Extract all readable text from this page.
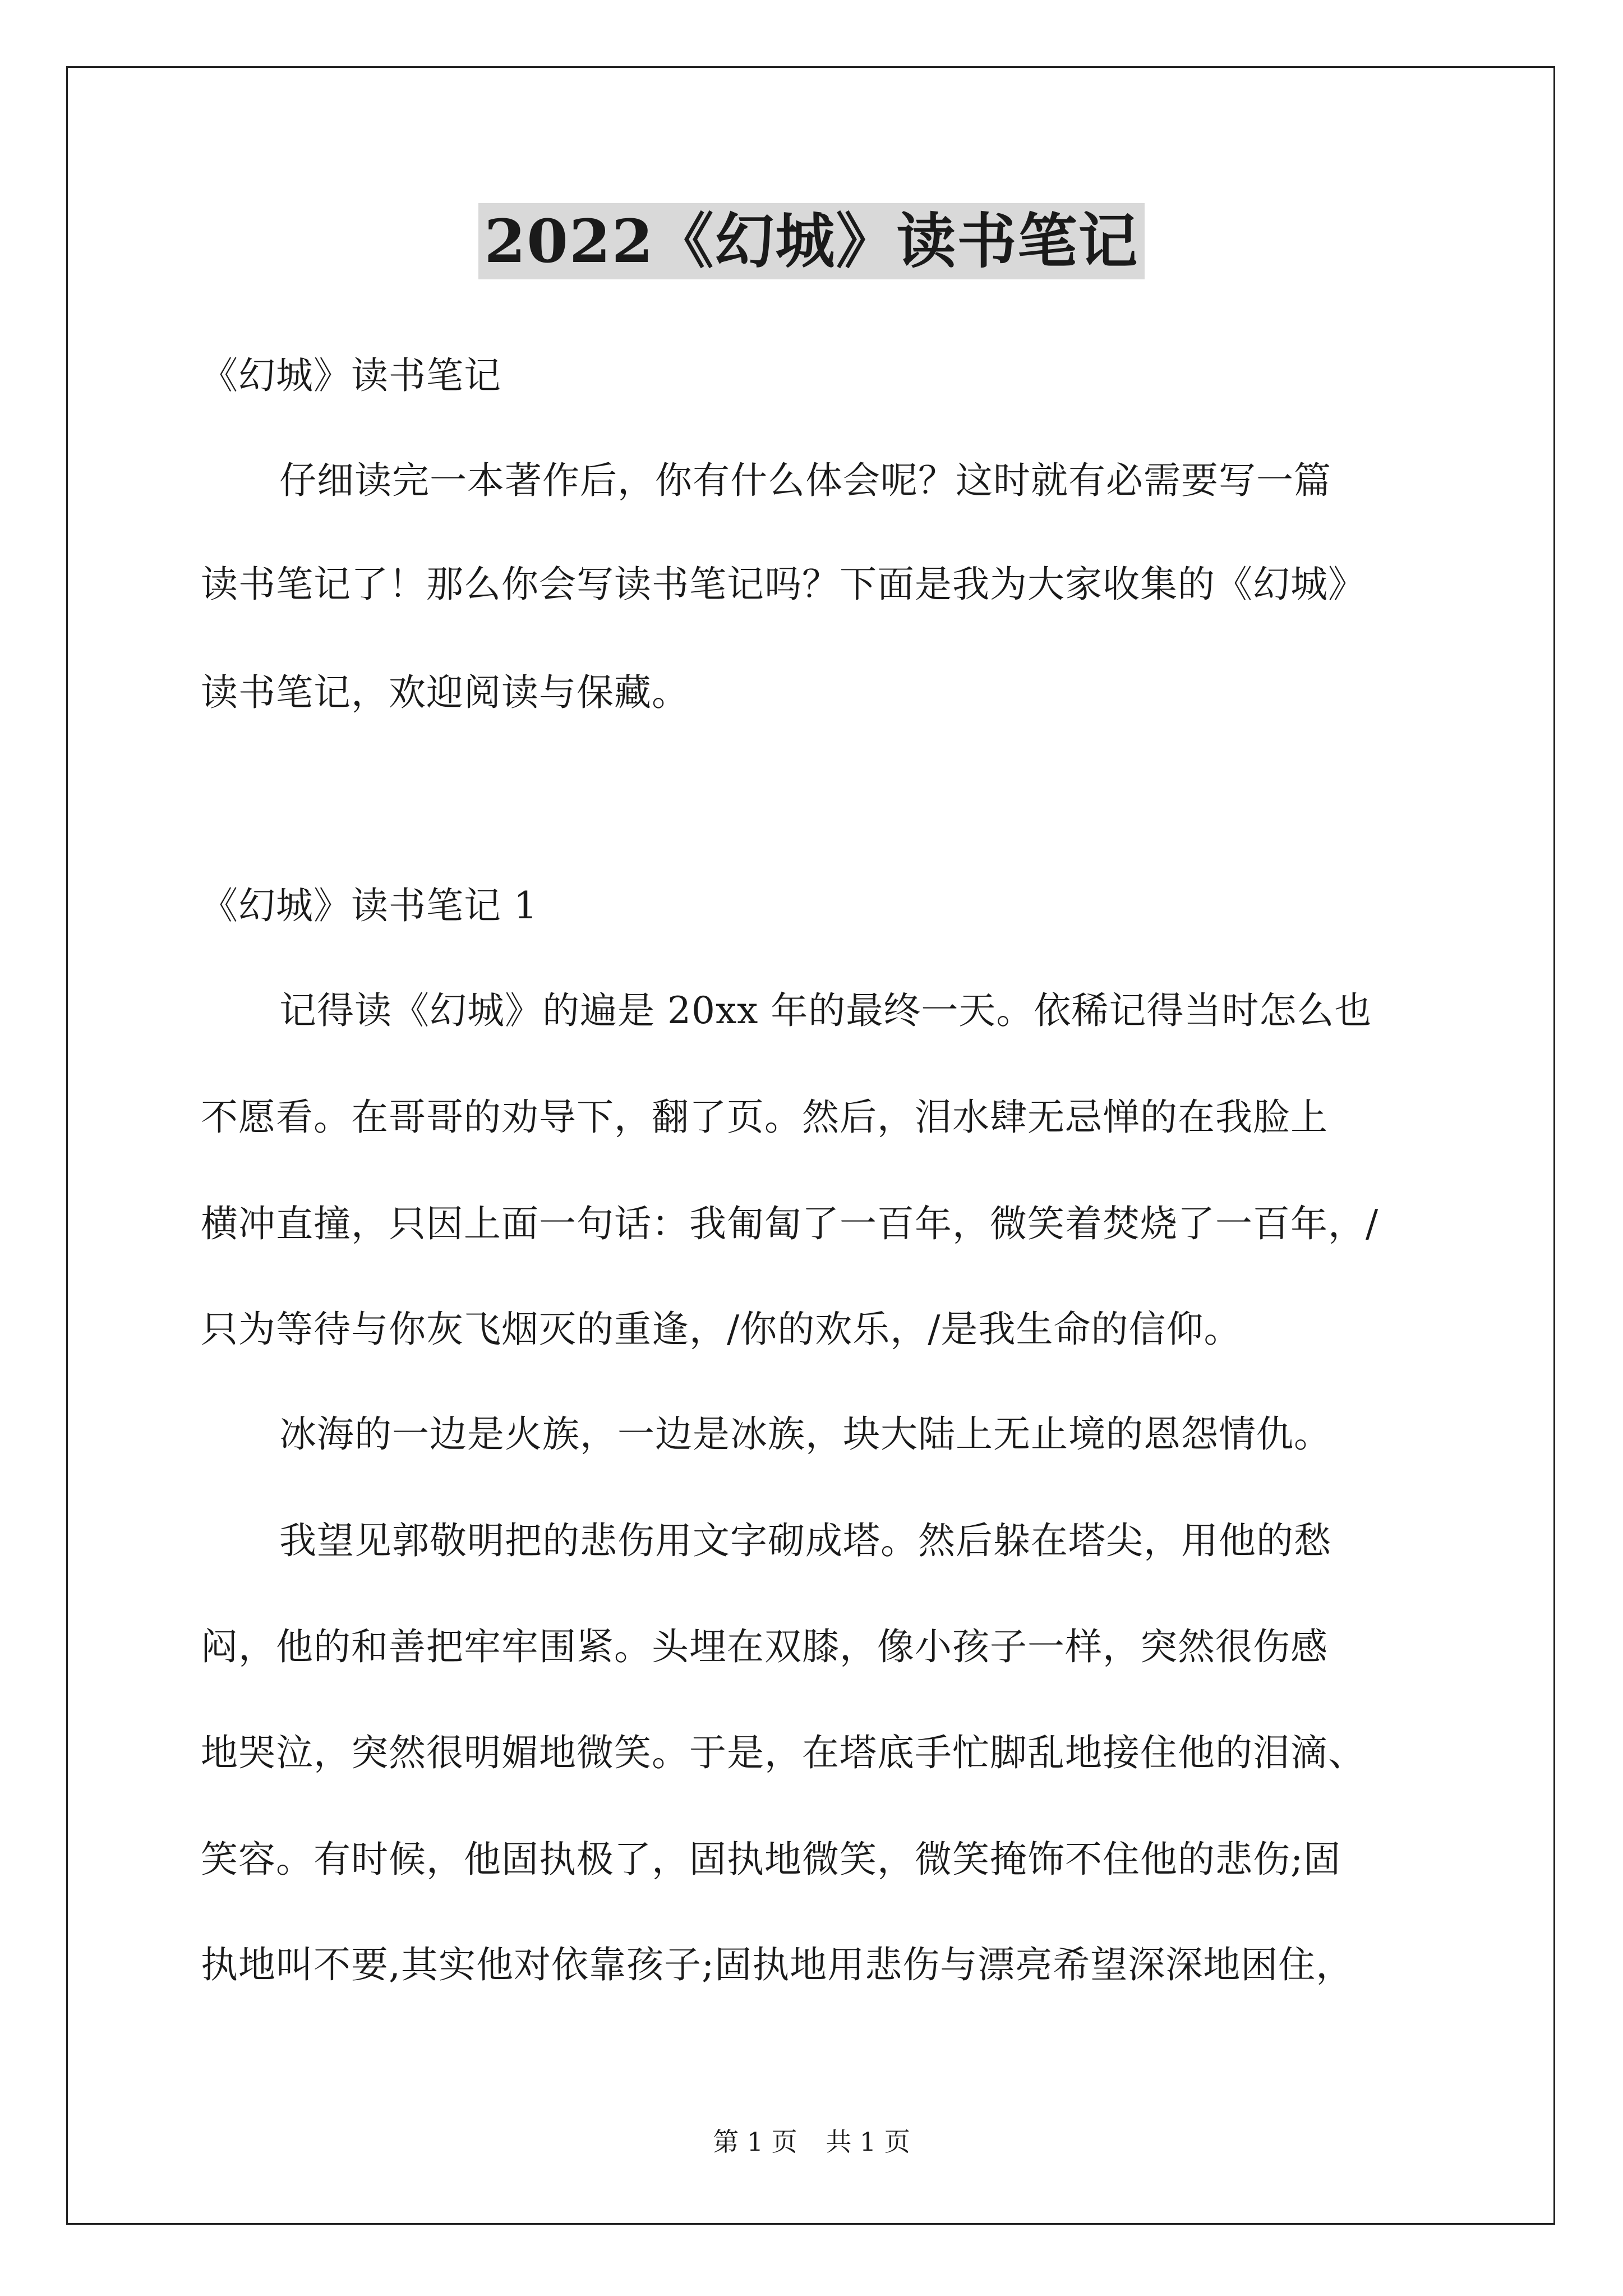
2022《幻城》读书笔记
《幻城》读书笔记
仔细读完一本著作后，你有什么体会呢？这时就有必需要写一篇
读书笔记了！那么你会写读书笔记吗？下面是我为大家收集的《幻城》
读书笔记，欢迎阅读与保藏。
《幻城》读书笔记 1
记得读《幻城》的遍是 20xx 年的最终一天。依稀记得当时怎么也
不愿看。在哥哥的劝导下，翻了页。然后，泪水肆无忌惮的在我脸上
横冲直撞，只因上面一句话：我匍匐了一百年，微笑着焚烧了一百年，/
只为等待与你灰飞烟灭的重逢，/你的欢乐，/是我生命的信仰。
冰海的一边是火族，一边是冰族，块大陆上无止境的恩怨情仇。
我望见郭敬明把的悲伤用文字砌成塔。然后躲在塔尖，用他的愁
闷，他的和善把牢牢围紧。头埋在双膝，像小孩子一样，突然很伤感
地哭泣，突然很明媚地微笑。于是，在塔底手忙脚乱地接住他的泪滴、
笑容。有时候，他固执极了，固执地微笑，微笑掩饰不住他的悲伤;固
执地叫不要,其实他对依靠孩子;固执地用悲伤与漂亮希望深深地困住，
第 1 页 共 1 页
